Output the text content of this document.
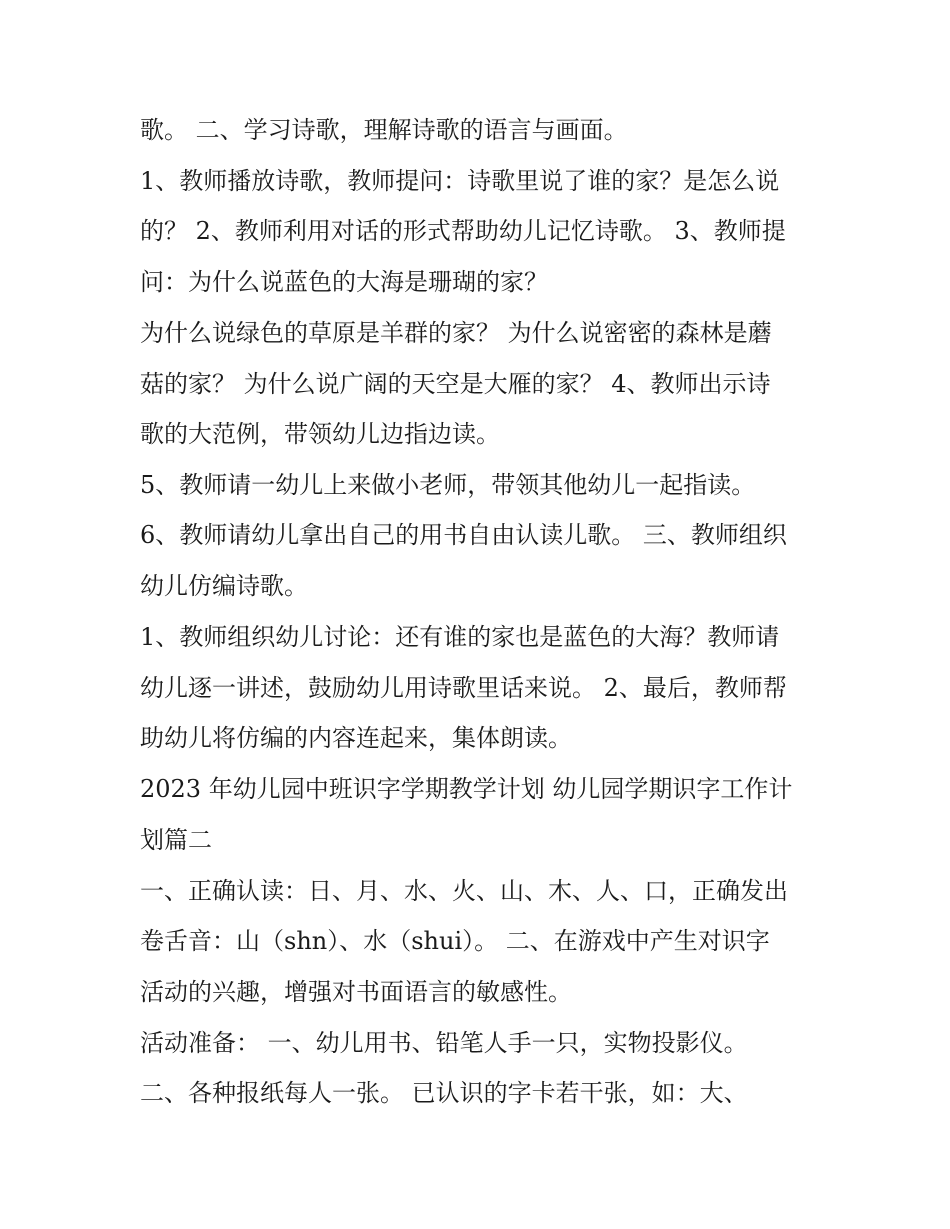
歌。 二、学习诗歌，理解诗歌的语言与画面。
1、教师播放诗歌，教师提问：诗歌里说了谁的家？是怎么说
的？ 2、教师利用对话的形式帮助幼儿记忆诗歌。 3、教师提
问：为什么说蓝色的大海是珊瑚的家？
为什么说绿色的草原是羊群的家？ 为什么说密密的森林是蘑
菇的家？ 为什么说广阔的天空是大雁的家？ 4、教师出示诗
歌的大范例，带领幼儿边指边读。
5、教师请一幼儿上来做小老师，带领其他幼儿一起指读。
6、教师请幼儿拿出自己的用书自由认读儿歌。 三、教师组织
幼儿仿编诗歌。
1、教师组织幼儿讨论：还有谁的家也是蓝色的大海？教师请
幼儿逐一讲述，鼓励幼儿用诗歌里话来说。 2、最后，教师帮
助幼儿将仿编的内容连起来，集体朗读。
2023 年幼儿园中班识字学期教学计划 幼儿园学期识字工作计
划篇二
一、正确认读：日、月、水、火、山、木、人、口，正确发出
卷舌音：山（shn）、水（shui）。 二、在游戏中产生对识字
活动的兴趣，增强对书面语言的敏感性。
活动准备： 一、幼儿用书、铅笔人手一只，实物投影仪。
二、各种报纸每人一张。 已认识的字卡若干张，如：大、
